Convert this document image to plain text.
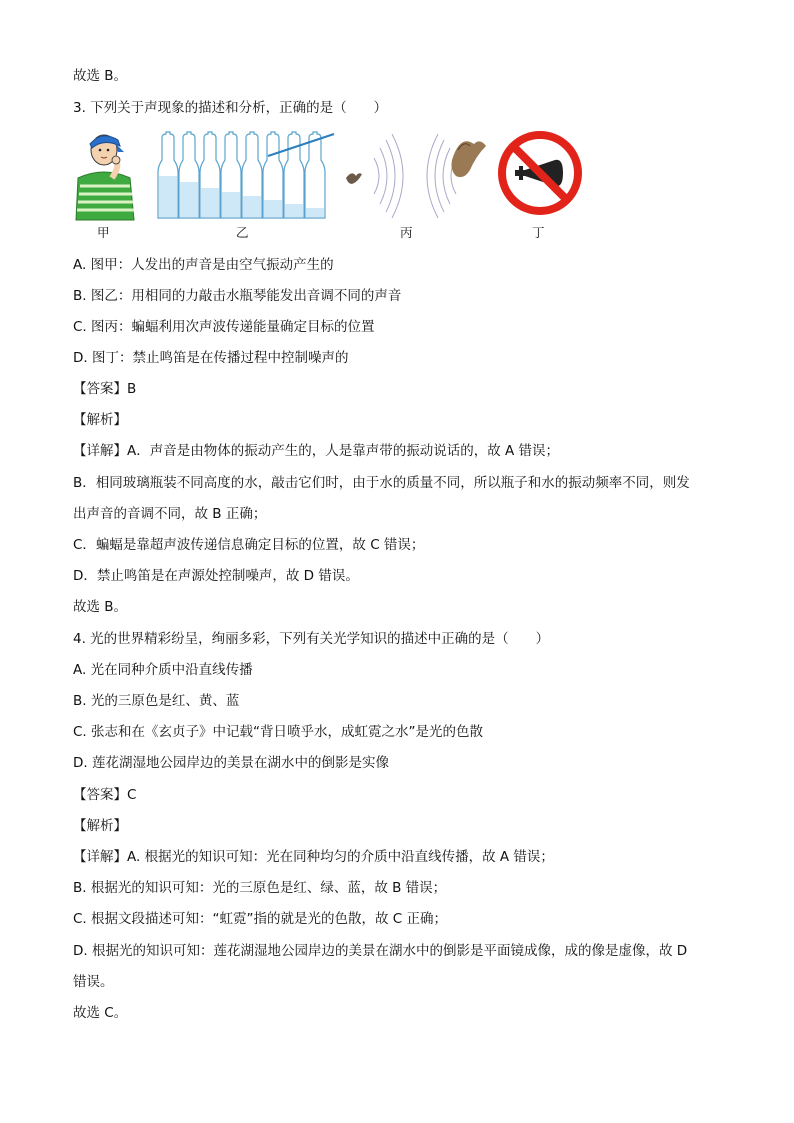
故选 B。
3. 下列关于声现象的描述和分析，正确的是（　　）
甲	乙	丙	丁
A. 图甲：人发出的声音是由空气振动产生的
B. 图乙：用相同的力敲击水瓶琴能发出音调不同的声音
C. 图丙：蝙蝠利用次声波传递能量确定目标的位置
D. 图丁：禁止鸣笛是在传播过程中控制噪声的
【答案】B
【解析】
【详解】A．声音是由物体的振动产生的，人是靠声带的振动说话的，故 A 错误；
B．相同玻璃瓶装不同高度的水，敲击它们时，由于水的质量不同，所以瓶子和水的振动频率不同，则发
出声音的音调不同，故 B 正确；
C．蝙蝠是靠超声波传递信息确定目标的位置，故 C 错误；
D．禁止鸣笛是在声源处控制噪声，故 D 错误。
故选 B。
4. 光的世界精彩纷呈，绚丽多彩，下列有关光学知识的描述中正确的是（　　）
A. 光在同种介质中沿直线传播
B. 光的三原色是红、黄、蓝
C. 张志和在《玄贞子》中记载“背日喷乎水，成虹霓之水”是光的色散
D. 莲花湖湿地公园岸边的美景在湖水中的倒影是实像
【答案】C
【解析】
【详解】A. 根据光的知识可知：光在同种均匀的介质中沿直线传播，故 A 错误；
B. 根据光的知识可知：光的三原色是红、绿、蓝，故 B 错误；
C. 根据文段描述可知：“虹霓”指的就是光的色散，故 C 正确；
D. 根据光的知识可知：莲花湖湿地公园岸边的美景在湖水中的倒影是平面镜成像，成的像是虚像，故 D
错误。
故选 C。
